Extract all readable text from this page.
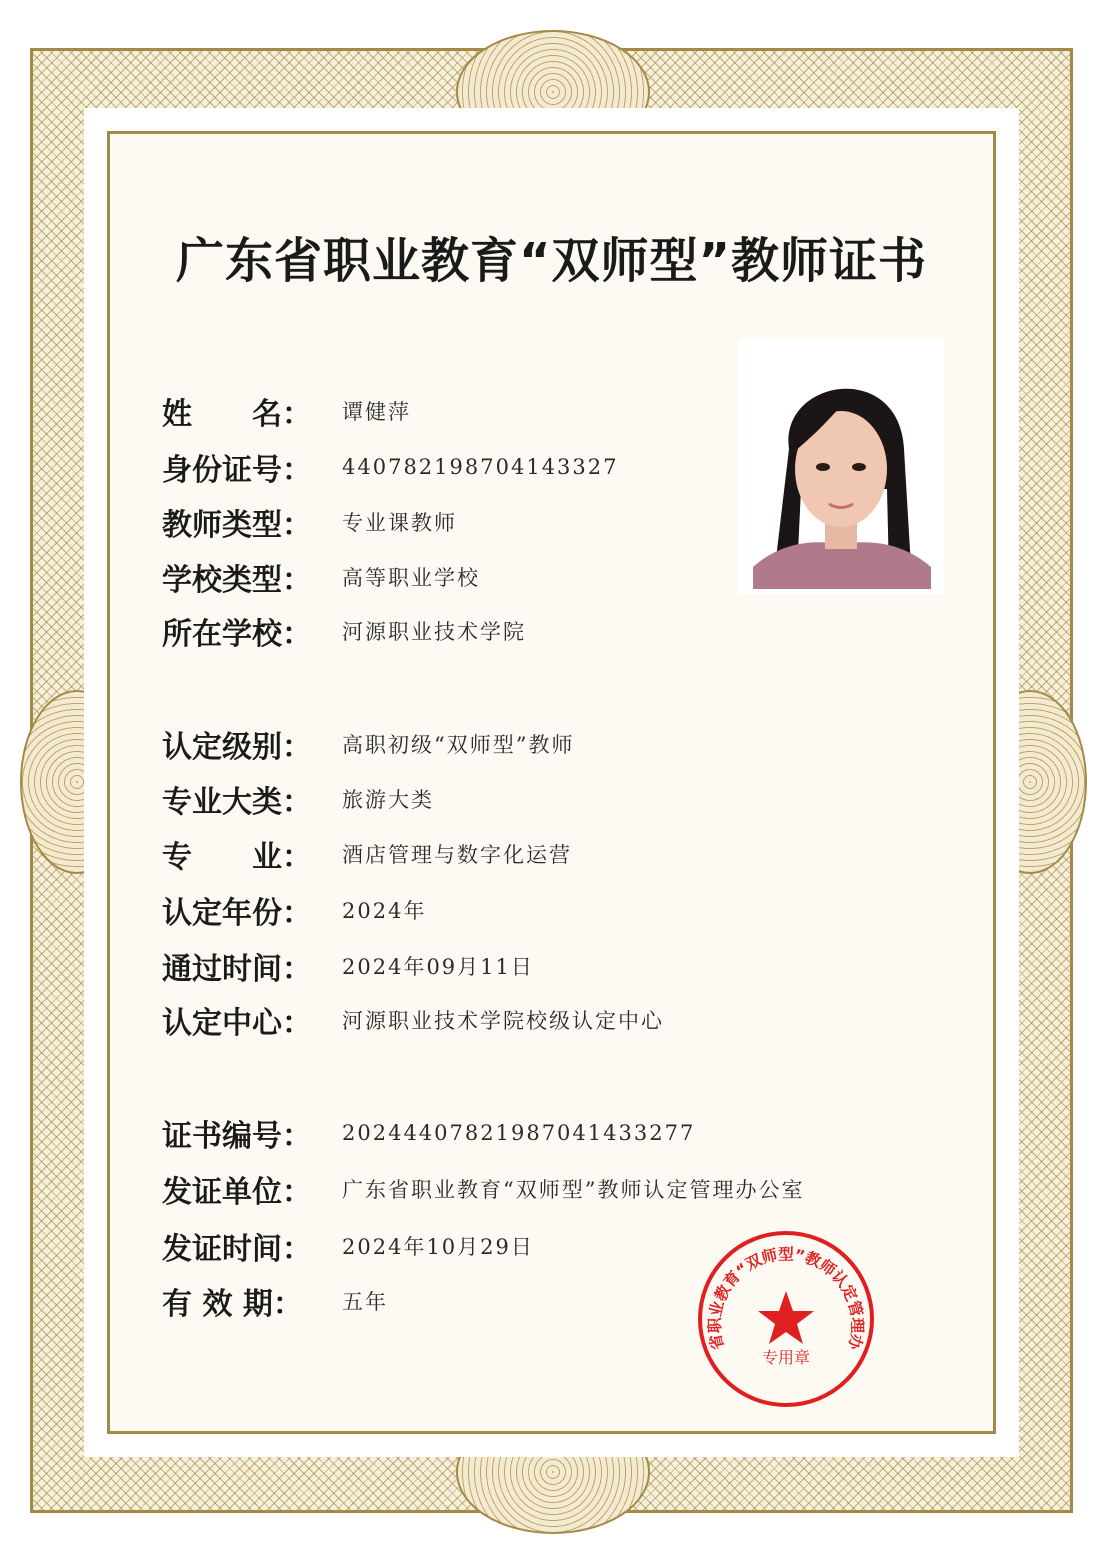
广东省职业教育“双师型”教师证书
姓　　名：	谭健萍
身份证号：	440782198704143327
教师类型：	专业课教师
学校类型：	高等职业学校
所在学校：	河源职业技术学院
认定级别：	高职初级“双师型”教师
专业大类：	旅游大类
专　　业：	酒店管理与数字化运营
认定年份：	2024年
通过时间：	2024年09月11日
认定中心：	河源职业技术学院校级认定中心
证书编号：	20244407821987041433277
发证单位：	广东省职业教育“双师型”教师认定管理办公室
发证时间：	2024年10月29日
有 效 期：	五年
省职业教育“双师型”教师认定管理办
专用章
